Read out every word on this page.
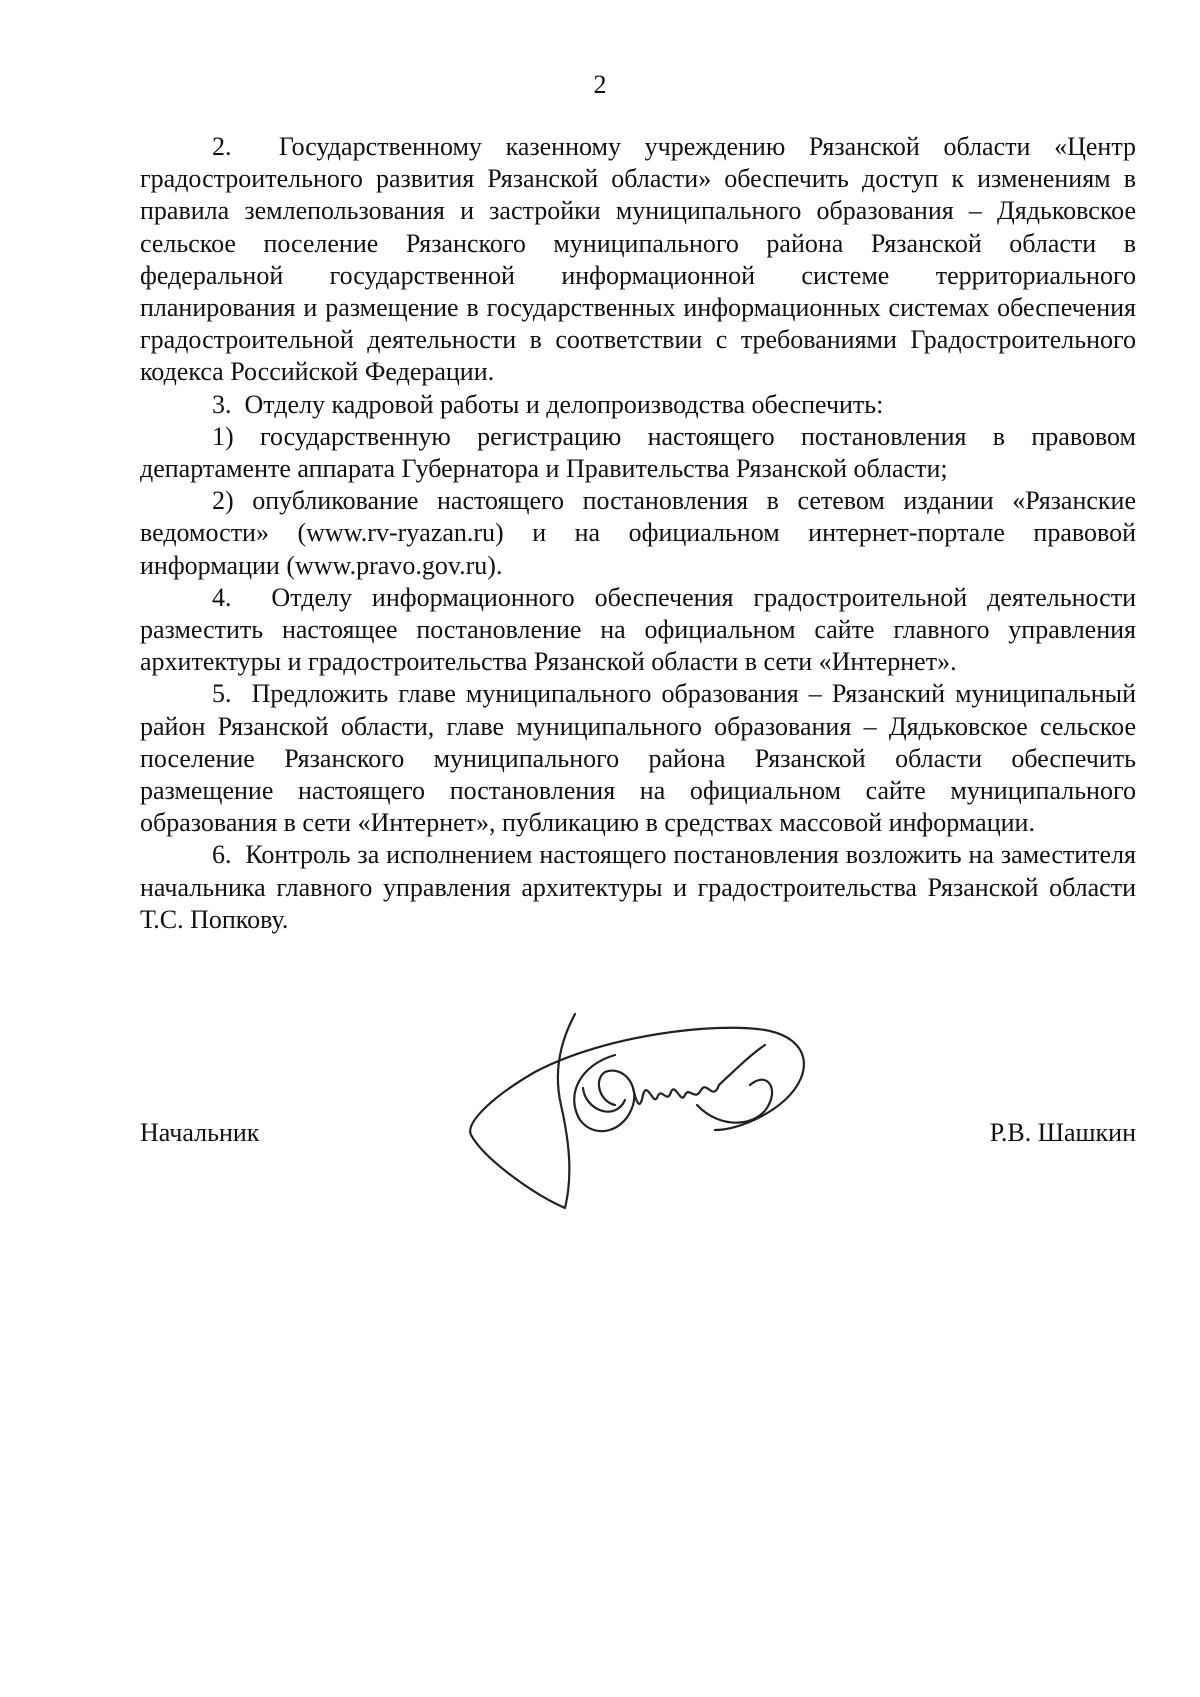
2

2.  Государственному казенному учреждению Рязанской области «Центр градостроительного развития Рязанской области» обеспечить доступ к изменениям в правила землепользования и застройки муниципального образования – Дядьковское сельское поселение Рязанского муниципального района Рязанской области в федеральной государственной информационной системе территориального планирования и размещение в государственных информационных системах обеспечения градостроительной деятельности в соответствии с требованиями Градостроительного кодекса Российской Федерации.

3.  Отделу кадровой работы и делопроизводства обеспечить:

1) государственную регистрацию настоящего постановления в правовом департаменте аппарата Губернатора и Правительства Рязанской области;

2) опубликование настоящего постановления в сетевом издании «Рязанские ведомости» (www.rv-ryazan.ru) и на официальном интернет-портале правовой информации (www.pravo.gov.ru).

4.  Отделу информационного обеспечения градостроительной деятельности разместить настоящее постановление на официальном сайте главного управления архитектуры и градостроительства Рязанской области в сети «Интернет».

5.  Предложить главе муниципального образования – Рязанский муниципальный район Рязанской области, главе муниципального образования – Дядьковское сельское поселение Рязанского муниципального района Рязанской области обеспечить размещение настоящего постановления на официальном сайте муниципального образования в сети «Интернет», публикацию в средствах массовой информации.

6.  Контроль за исполнением настоящего постановления возложить на заместителя начальника главного управления архитектуры и градостроительства Рязанской области Т.С. Попкову.

Начальник	Р.В. Шашкин
